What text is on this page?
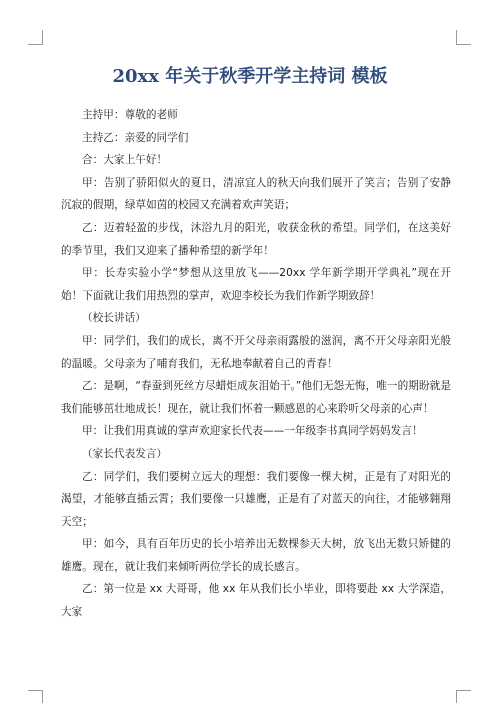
20xx 年关于秋季开学主持词 模板

主持甲：尊敬的老师

主持乙：亲爱的同学们

合：大家上午好！

甲：告别了骄阳似火的夏日，清凉宜人的秋天向我们展开了笑言；告别了安静沉寂的假期，绿草如茵的校园又充满着欢声笑语；

乙：迈着轻盈的步伐，沐浴九月的阳光，收获金秋的希望。同学们，在这美好的季节里，我们又迎来了播种希望的新学年！

甲：长寿实验小学“梦想从这里放飞——20xx 学年新学期开学典礼”现在开始！下面就让我们用热烈的掌声，欢迎李校长为我们作新学期致辞！

（校长讲话）

甲：同学们，我们的成长，离不开父母亲雨露般的滋润，离不开父母亲阳光般的温暖。父母亲为了哺育我们，无私地奉献着自己的青春！

乙：是啊，“春蚕到死丝方尽蜡炬成灰泪始干。”他们无怨无悔，唯一的期盼就是我们能够茁壮地成长！现在，就让我们怀着一颗感恩的心来聆听父母亲的心声！

甲：让我们用真诚的掌声欢迎家长代表——一年级李书真同学妈妈发言！

（家长代表发言）

乙：同学们，我们要树立远大的理想：我们要像一棵大树，正是有了对阳光的渴望，才能够直插云霄；我们要像一只雄鹰，正是有了对蓝天的向往，才能够翱翔天空；

甲：如今，具有百年历史的长小培养出无数棵参天大树，放飞出无数只矫健的雄鹰。现在，就让我们来倾听两位学长的成长感言。

乙：第一位是 xx 大哥哥，他 xx 年从我们长小毕业，即将要赴 xx 大学深造，大家
